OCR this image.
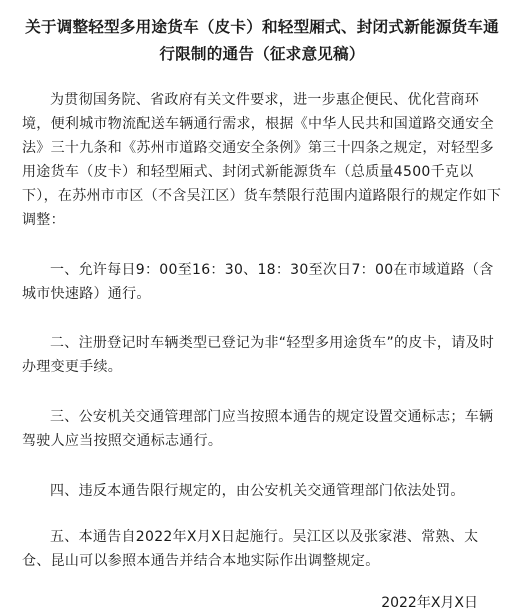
关于调整轻型多用途货车（皮卡）和轻型厢式、封闭式新能源货车通行限制的通告（征求意见稿）

为贯彻国务院、省政府有关文件要求，进一步惠企便民、优化营商环境，便利城市物流配送车辆通行需求，根据《中华人民共和国道路交通安全法》三十九条和《苏州市道路交通安全条例》第三十四条之规定，对轻型多用途货车（皮卡）和轻型厢式、封闭式新能源货车（总质量4500千克以下），在苏州市市区（不含吴江区）货车禁限行范围内道路限行的规定作如下调整：

一、允许每日9：00至16：30、18：30至次日7：00在市域道路（含城市快速路）通行。

二、注册登记时车辆类型已登记为非“轻型多用途货车”的皮卡，请及时办理变更手续。

三、公安机关交通管理部门应当按照本通告的规定设置交通标志；车辆驾驶人应当按照交通标志通行。

四、违反本通告限行规定的，由公安机关交通管理部门依法处罚。

五、本通告自2022年X月X日起施行。吴江区以及张家港、常熟、太仓、昆山可以参照本通告并结合本地实际作出调整规定。

2022年X月X日
